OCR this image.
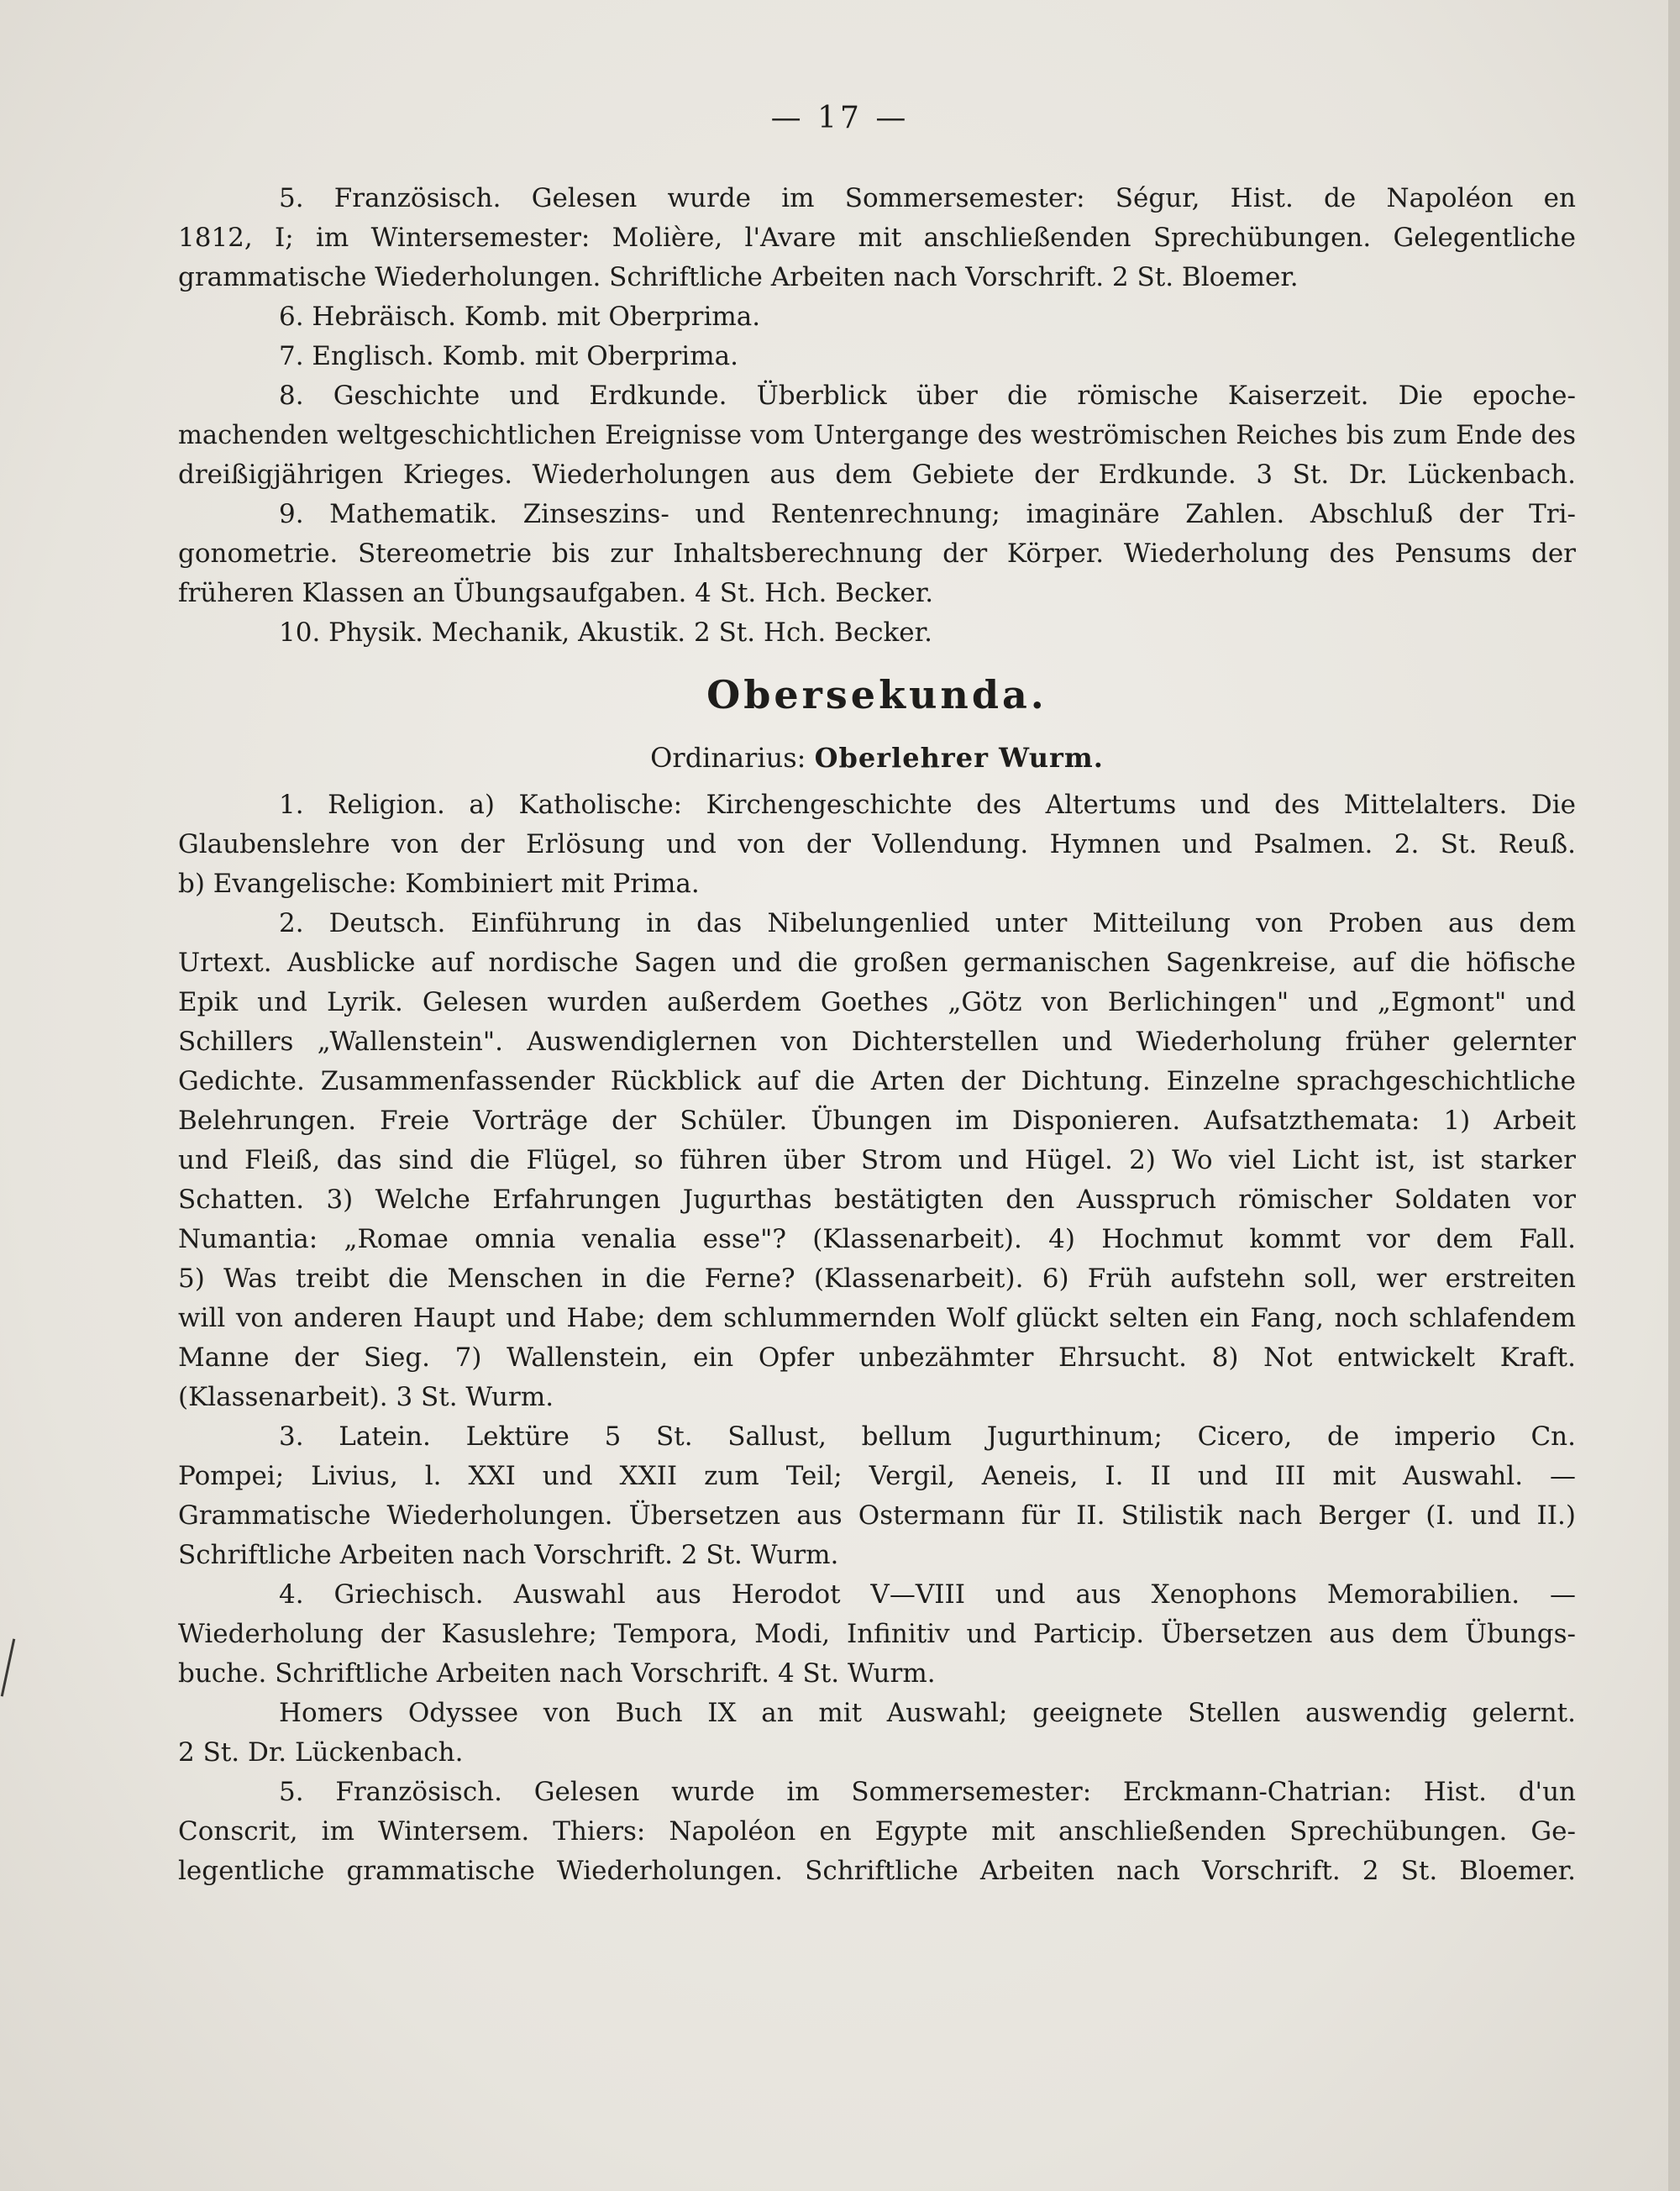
— 17 —
5. Französisch. Gelesen wurde im Sommersemester: Ségur, Hist. de Napoléon en
1812, I; im Wintersemester: Molière, l'Avare mit anschließenden Sprechübungen. Gelegentliche
grammatische Wiederholungen. Schriftliche Arbeiten nach Vorschrift. 2 St. Bloemer.
6. Hebräisch. Komb. mit Oberprima.
7. Englisch. Komb. mit Oberprima.
8. Geschichte und Erdkunde. Überblick über die römische Kaiserzeit. Die epoche-
machenden weltgeschichtlichen Ereignisse vom Untergange des weströmischen Reiches bis zum Ende des
dreißigjährigen Krieges. Wiederholungen aus dem Gebiete der Erdkunde. 3 St. Dr. Lückenbach.
9. Mathematik. Zinseszins- und Rentenrechnung; imaginäre Zahlen. Abschluß der Tri-
gonometrie. Stereometrie bis zur Inhaltsberechnung der Körper. Wiederholung des Pensums der
früheren Klassen an Übungsaufgaben. 4 St. Hch. Becker.
10. Physik. Mechanik, Akustik. 2 St. Hch. Becker.
Obersekunda.
Ordinarius: Oberlehrer Wurm.
1. Religion. a) Katholische: Kirchengeschichte des Altertums und des Mittelalters. Die
Glaubenslehre von der Erlösung und von der Vollendung. Hymnen und Psalmen. 2. St. Reuß.
b) Evangelische: Kombiniert mit Prima.
2. Deutsch. Einführung in das Nibelungenlied unter Mitteilung von Proben aus dem
Urtext. Ausblicke auf nordische Sagen und die großen germanischen Sagenkreise, auf die höfische
Epik und Lyrik. Gelesen wurden außerdem Goethes „Götz von Berlichingen" und „Egmont" und
Schillers „Wallenstein". Auswendiglernen von Dichterstellen und Wiederholung früher gelernter
Gedichte. Zusammenfassender Rückblick auf die Arten der Dichtung. Einzelne sprachgeschichtliche
Belehrungen. Freie Vorträge der Schüler. Übungen im Disponieren. Aufsatzthemata: 1) Arbeit
und Fleiß, das sind die Flügel, so führen über Strom und Hügel. 2) Wo viel Licht ist, ist starker
Schatten. 3) Welche Erfahrungen Jugurthas bestätigten den Ausspruch römischer Soldaten vor
Numantia: „Romae omnia venalia esse"? (Klassenarbeit). 4) Hochmut kommt vor dem Fall.
5) Was treibt die Menschen in die Ferne? (Klassenarbeit). 6) Früh aufstehn soll, wer erstreiten
will von anderen Haupt und Habe; dem schlummernden Wolf glückt selten ein Fang, noch schlafendem
Manne der Sieg. 7) Wallenstein, ein Opfer unbezähmter Ehrsucht. 8) Not entwickelt Kraft.
(Klassenarbeit). 3 St. Wurm.
3. Latein. Lektüre 5 St. Sallust, bellum Jugurthinum; Cicero, de imperio Cn.
Pompei; Livius, l. XXI und XXII zum Teil; Vergil, Aeneis, I. II und III mit Auswahl. —
Grammatische Wiederholungen. Übersetzen aus Ostermann für II. Stilistik nach Berger (I. und II.)
Schriftliche Arbeiten nach Vorschrift. 2 St. Wurm.
4. Griechisch. Auswahl aus Herodot V—VIII und aus Xenophons Memorabilien. —
Wiederholung der Kasuslehre; Tempora, Modi, Infinitiv und Particip. Übersetzen aus dem Übungs-
buche. Schriftliche Arbeiten nach Vorschrift. 4 St. Wurm.
Homers Odyssee von Buch IX an mit Auswahl; geeignete Stellen auswendig gelernt.
2 St. Dr. Lückenbach.
5. Französisch. Gelesen wurde im Sommersemester: Erckmann-Chatrian: Hist. d'un
Conscrit, im Wintersem. Thiers: Napoléon en Egypte mit anschließenden Sprechübungen. Ge-
legentliche grammatische Wiederholungen. Schriftliche Arbeiten nach Vorschrift. 2 St. Bloemer.
